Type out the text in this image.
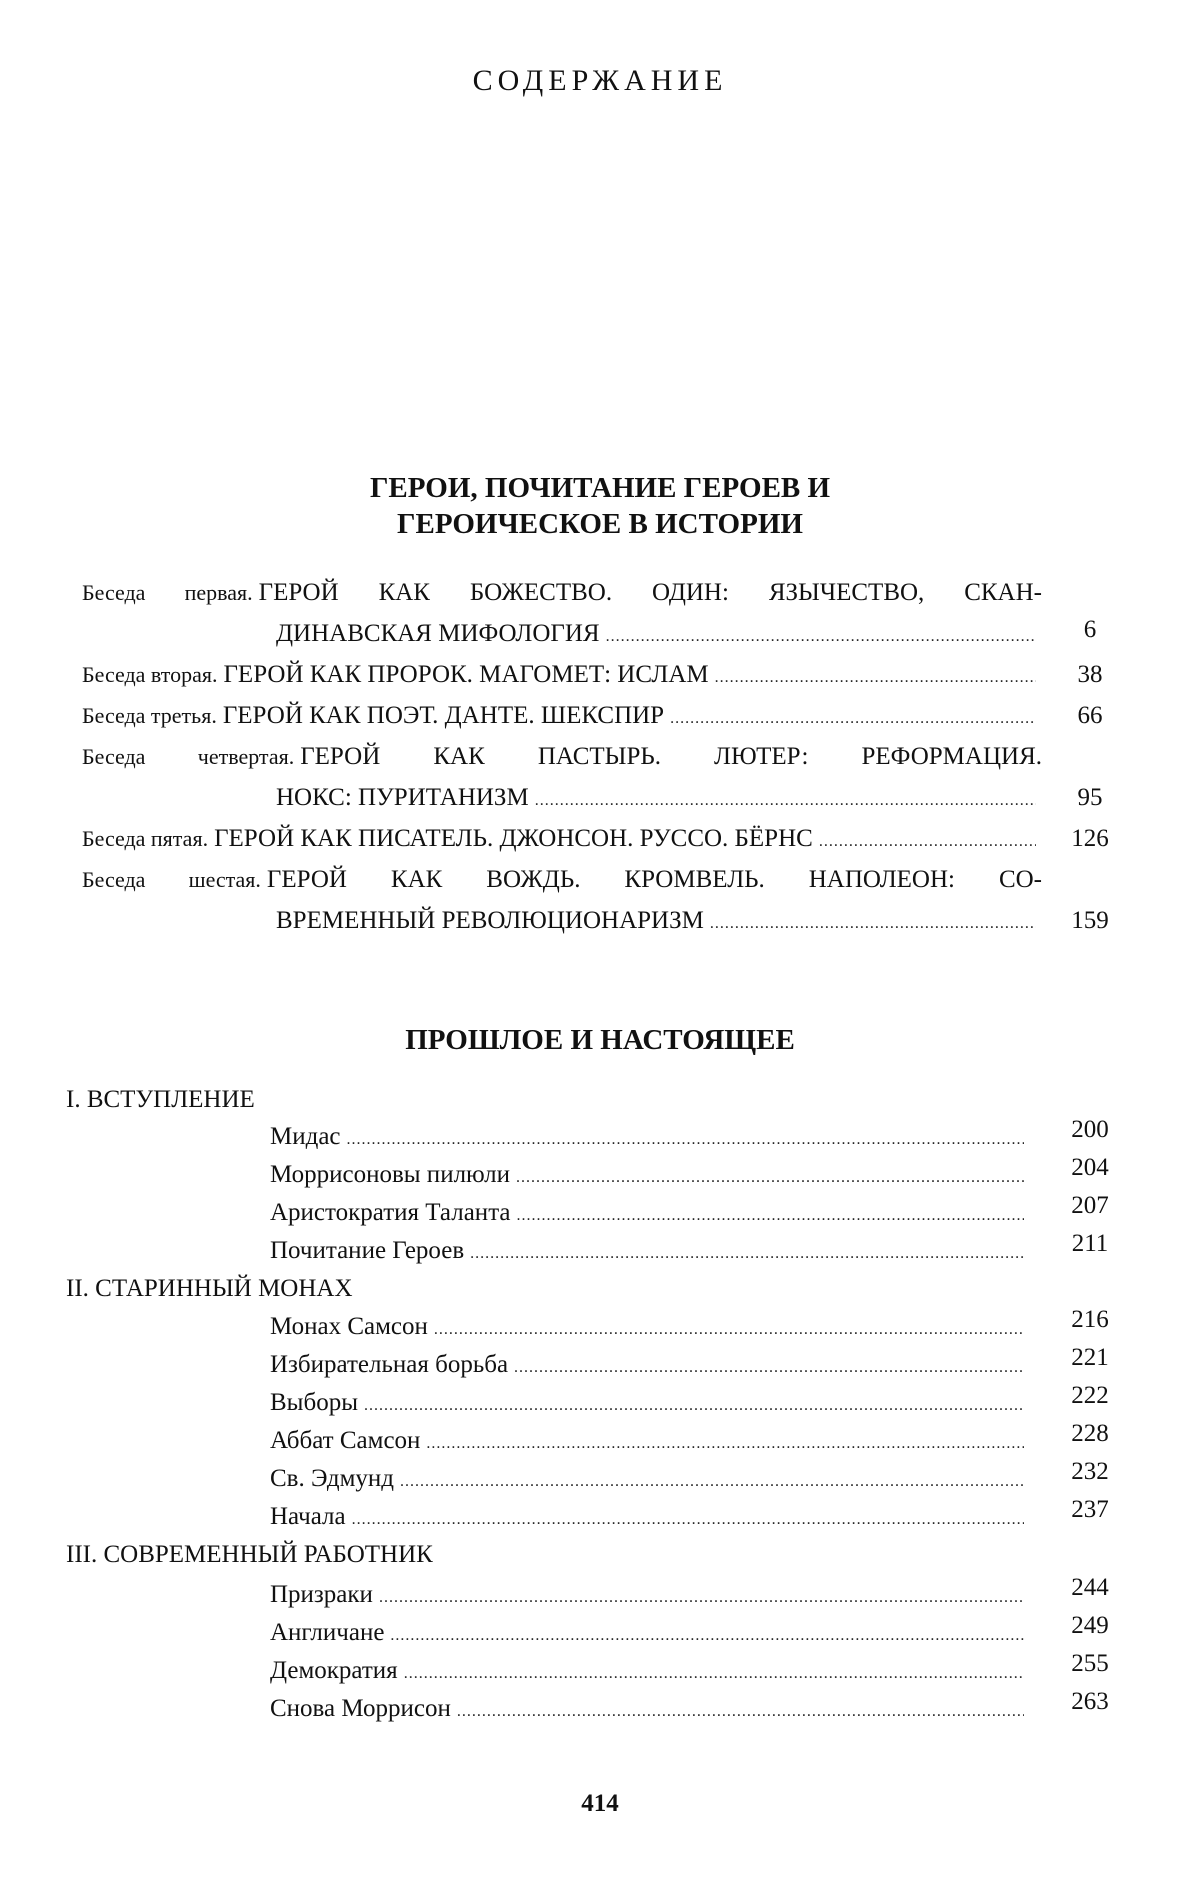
СОДЕРЖАНИЕ
ГЕРОИ, ПОЧИТАНИЕ ГЕРОЕВ И
ГЕРОИЧЕСКОЕ В ИСТОРИИ
Беседа первая. ГЕРОЙ КАК БОЖЕСТВО. ОДИН: ЯЗЫЧЕСТВО, СКАН-
ДИНАВСКАЯ МИФОЛОГИЯ .....	6
Беседа вторая. ГЕРОЙ КАК ПРОРОК. МАГОМЕТ: ИСЛАМ .....	38
Беседа третья. ГЕРОЙ КАК ПОЭТ. ДАНТЕ. ШЕКСПИР .....	66
Беседа четвертая. ГЕРОЙ КАК ПАСТЫРЬ. ЛЮТЕР: РЕФОРМАЦИЯ.
НОКС: ПУРИТАНИЗМ .....	95
Беседа пятая. ГЕРОЙ КАК ПИСАТЕЛЬ. ДЖОНСОН. РУССО. БЁРНС .....	126
Беседа шестая. ГЕРОЙ КАК ВОЖДЬ. КРОМВЕЛЬ. НАПОЛЕОН: СО-
ВРЕМЕННЫЙ РЕВОЛЮЦИОНАРИЗМ .....	159
ПРОШЛОЕ И НАСТОЯЩЕЕ
I. ВСТУПЛЕНИЕ
Мидас .....	200
Моррисоновы пилюли .....	204
Аристократия Таланта .....	207
Почитание Героев .....	211
II. СТАРИННЫЙ МОНАХ
Монах Самсон .....	216
Избирательная борьба .....	221
Выборы .....	222
Аббат Самсон .....	228
Св. Эдмунд .....	232
Начала .....	237
III. СОВРЕМЕННЫЙ РАБОТНИК
Призраки .....	244
Англичане .....	249
Демократия .....	255
Снова Моррисон .....	263
414
